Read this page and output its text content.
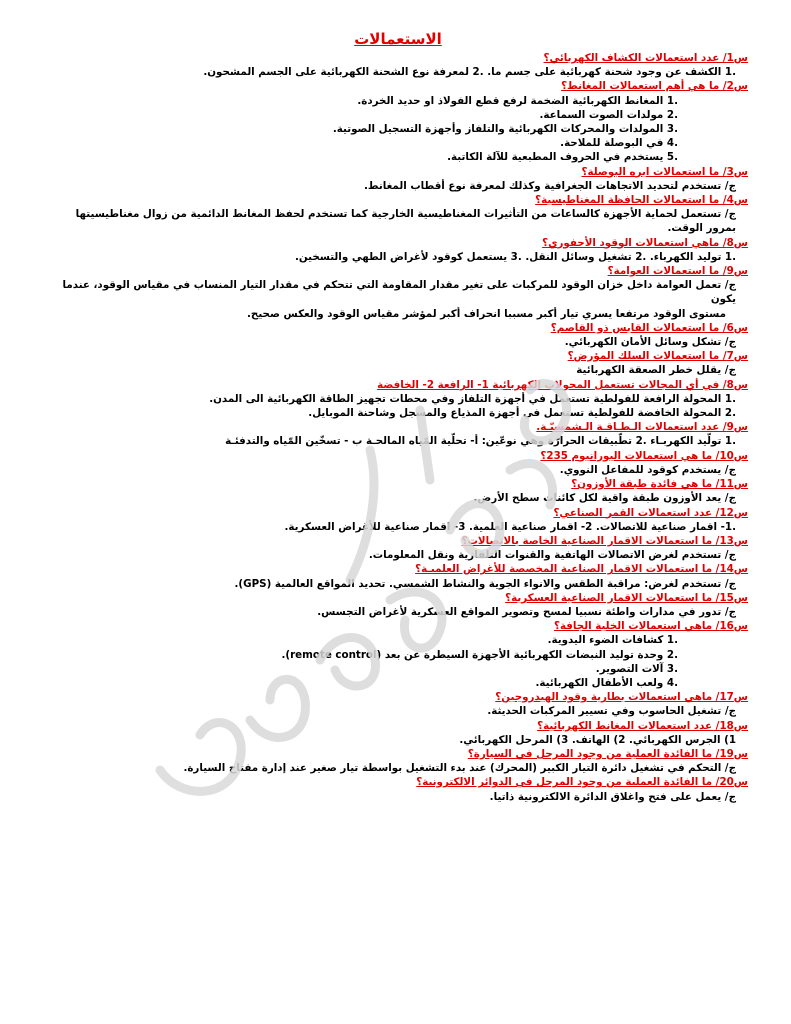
الاستعمالات
س1/ عدد استعمالات الكشاف الكهربائي؟
.1 الكشف عن وجود شحنة كهربائية على جسم ما. .2 لمعرفة نوع الشحنة الكهربائية على الجسم المشحون.
س2/ ما هي أهم استعمالات المغانط؟
.1 المغانط الكهربائية الضخمة لرفع قطع الفولاذ او حديد الخردة.
.2 مولدات الصوت السماعة.
.3 المولدات والمحركات الكهربائية والتلفاز وأجهزة التسجيل الصوتية.
.4 في البوصلة للملاحة.
.5 يستخدم في الحروف المطبعية للآلة الكاتبة.
س3/ ما استعمالات ابره البوصلة؟
ج/ تستخدم لتحديد الاتجاهات الجغرافية وكذلك لمعرفة نوع أقطاب المغانط.
س4/ ما استعمالات الحافظة المغناطيسية؟
ج/ تستعمل لحماية الأجهزة كالساعات من التأثيرات المغناطيسية الخارجية كما تستخدم لحفظ المغانط الدائمية من زوال مغناطيسيتها بمرور الوقت.
س8/ ماهي استعمالات الوقود الأحفوري؟
.1 توليد الكهرباء. .2 تشغيل وسائل النقل. .3 يستعمل كوقود لأغراض الطهي والتسخين.
س9/ ما استعمالات العوامة؟
ج/ تعمل العوامة داخل خزان الوقود للمركبات على تغير مقدار المقاومة التي تتحكم في مقدار التيار المنساب في مقياس الوقود، عندما يكون
مستوى الوقود مرتفعا يسري تيار أكبر مسببا انحراف أكبر لمؤشر مقياس الوقود والعكس صحيح.
س6/ ما استعمالات القابس ذو القاصم؟
ج/ تشكل وسائل الأمان الكهربائي.
س7/ ما استعمالات السلك المؤرض؟
ج/ يقلل خطر الصعقة الكهربائية
س8/ في أي المجالات تستعمل المحولات الكهربائية 1- الرافعة 2- الخافضة
.1 المحولة الرافعة للفولطية تستعمل في أجهزة التلفاز وفي محطات تجهيز الطاقة الكهربائية الى المدن.
.2 المحولة الخافضة للفولطية تستعمل في أجهزة المذياع والمسجل وشاحنة الموبايل.
س9/ عدد استعمالات الـطـاقـة الـشمسيّـة.
.1 تولّيد الكهربـاء .2 تطّبيقات الحرارّة وهي نوعّين: أ- تحلّية المّياه المالحـة ب - تسخّين المّياه والتدفئـة
س10/ ما هي استعمالات اليورانيوم 235؟
ج/ يستخدم كوقود للمفاعل النووي.
س11/ ما هي فائدة طبقة الأوزون؟
ج/ يعد الأوزون طبقة واقية لكل كائنات سطح الأرض.
س12/ عدد استعمالات القمر الصناعي؟
.1- اقمار صناعية للاتصالات. 2- اقمار صناعية العلمية. 3- اقمار صناعية للأغراض العسكرية.
س13/ ما استعمالات الاقمار الصناعية الخاصة بالاتصالات؟
ج/ تستخدم لغرض الاتصالات الهاتفية والقنوات التلفازية ونقل المعلومات.
س14/ ما استعمالات الاقمار الصناعية المخصصة للأغراض العلميـة؟
ج/ تستخدم لغرض: مراقبة الطقس والانواء الجوية والنشاط الشمسي. تحديد المواقع العالمية (GPS).
س15/ ما استعمالات الاقمار الصناعية العسكرية؟
ج/ تدور في مدارات واطئة نسبيا لمسح وتصوير المواقع العسكرية لأغراض التجسس.
س16/ ماهي استعمالات الخلية الجافة؟
.1 كشافات الضوء اليدوية.
.2 وحدة توليد النبضات الكهربائية الأجهزة السيطرة عن بعد (remote control).
.3 آلات التصوير.
.4 ولعب الأطفال الكهربائية.
س17/ ماهي استعمالات بطارية وقود الهيدروجين؟
ج/ تشغيل الحاسوب وفي تسيير المركبات الحديثة.
س18/ عدد استعمالات المغانط الكهربائية؟
1) الجرس الكهربائي. 2) الهاتف. 3) المرحل الكهربائي.
س19/ ما الفائدة العملية من وجود المرحل في السيارة؟
ج/ التحكم في تشغيل دائرة التيار الكبير (المحرك) عند بدء التشغيل بواسطة تيار صغير عند إدارة مفتاح السيارة.
س20/ ما الفائدة العملية من وجود المرحل في الدوائر الالكترونية؟
ج/ يعمل على فتح واغلاق الدائرة الالكترونية ذاتيا.
